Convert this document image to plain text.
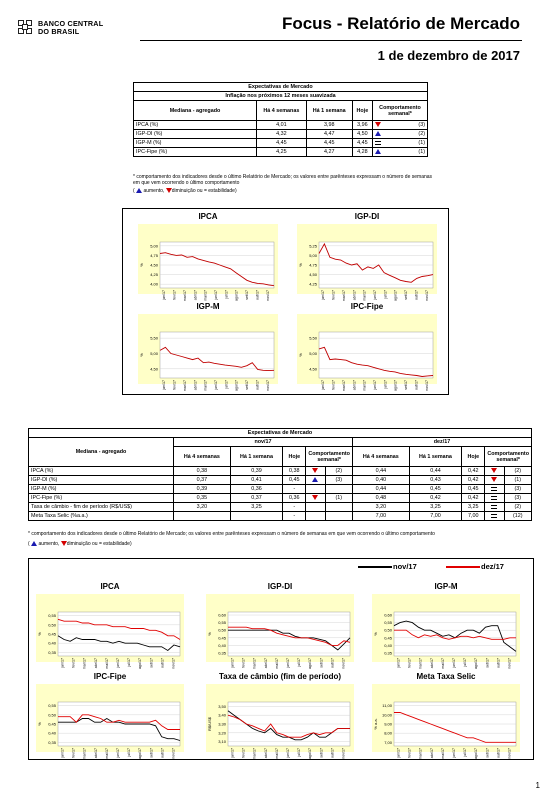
BANCO CENTRAL
DO BRASIL	Focus - Relatório de Mercado
1 de dezembro de 2017
Expectativas de Mercado				
Inflação nos próximos 12 meses suavizada				
Mediana - agregado	Há 4 semanas	Há 1 semana	Hoje	Comportamento semanal*
IPCA (%)	4,01	3,98	3,96	(3)

IGP-DI (%)	4,32	4,47	4,50	(2)

IGP-M (%)	4,45	4,45	4,45	(1)

IPC-Fipe (%)	4,25	4,27	4,28	(1)
* comportamento dos indicadores desde o último Relatório de Mercado; os valores entre parênteses expressam o número de semanas em que vem ocorrendo o último comportamento
(  aumento, diminuição ou = estabilidade)
IPCA
5,00
4,75
4,50
4,25
4,00
%
jan/17 fev/17 mar/17 abr/17 mai/17 jun/17 jul/17 ago/17 set/17 out/17 nov/17
IGP-DI
5,25
5,00
4,75
4,50
4,25
%
jan/17 fev/17 mar/17 abr/17 mai/17 jun/17 jul/17 ago/17 set/17 out/17 nov/17
IGP-M
5,50
5,00
4,50
%
jan/17 fev/17 mar/17 abr/17 mai/17 jun/17 jul/17 ago/17 set/17 out/17 nov/17
IPC-Fipe
5,50
5,00
4,50
%
jan/17 fev/17 mar/17 abr/17 mai/17 jun/17 jul/17 ago/17 set/17 out/17 nov/17
Expectativas de Mercado										
Mediana - agregado	nov/17					dez/17				
	Há 4 semanas	Há 1 semana	Hoje	Comportamento semanal*		Há 4 semanas	Há 1 semana	Hoje	Comportamento semanal*	
IPCA (%)	0,38	0,39	0,38		(2)	0,44	0,44	0,42		(2)
IGP-DI (%)	0,37	0,41	0,45		(3)	0,40	0,43	0,42		(1)
IGP-M (%)	0,39	0,36	-			0,44	0,45	0,45		(3)
IPC-Fipe (%)	0,35	0,37	0,36		(1)	0,48	0,42	0,42		(3)
Taxa de câmbio - fim de período (R$/US$)	3,20	3,25	-			3,20	3,25	3,25		(2)
Meta Taxa Selic (%a.a.)			-			7,00	7,00	7,00		(12)
* comportamento dos indicadores desde o último Relatório de Mercado; os valores entre parênteses expressam o número de semanas em que vem ocorrendo o último comportamento
(  aumento, diminuição ou = estabilidade)
nov/17	dez/17
IPCA
0,55
0,50
0,45
0,40
0,35
%
jan/17 fev/17 mar/17 abr/17 mai/17 jun/17 jul/17 ago/17 set/17 out/17 nov/17
IGP-DI
0,60
0,55
0,50
0,45
0,40
0,35
%
jan/17 fev/17 mar/17 abr/17 mai/17 jun/17 jul/17 ago/17 set/17 out/17 nov/17
IGP-M
0,60
0,55
0,50
0,45
0,40
0,35
%
jan/17 fev/17 mar/17 abr/17 mai/17 jun/17 jul/17 ago/17 set/17 out/17 nov/17
IPC-Fipe
0,55
0,50
0,45
0,40
0,35
%
jan/17 fev/17 mar/17 abr/17 mai/17 jun/17 jul/17 ago/17 set/17 out/17 nov/17
Taxa de câmbio (fim de período)
3,50
3,40
3,30
3,20
3,10
R$/US$
jan/17 fev/17 mar/17 abr/17 mai/17 jun/17 jul/17 ago/17 set/17 out/17 nov/17
Meta Taxa Selic
11,00
10,00
9,00
8,00
7,00
% a.a.
jan/17 fev/17 mar/17 abr/17 mai/17 jun/17 jul/17 ago/17 set/17 out/17 nov/17
1
